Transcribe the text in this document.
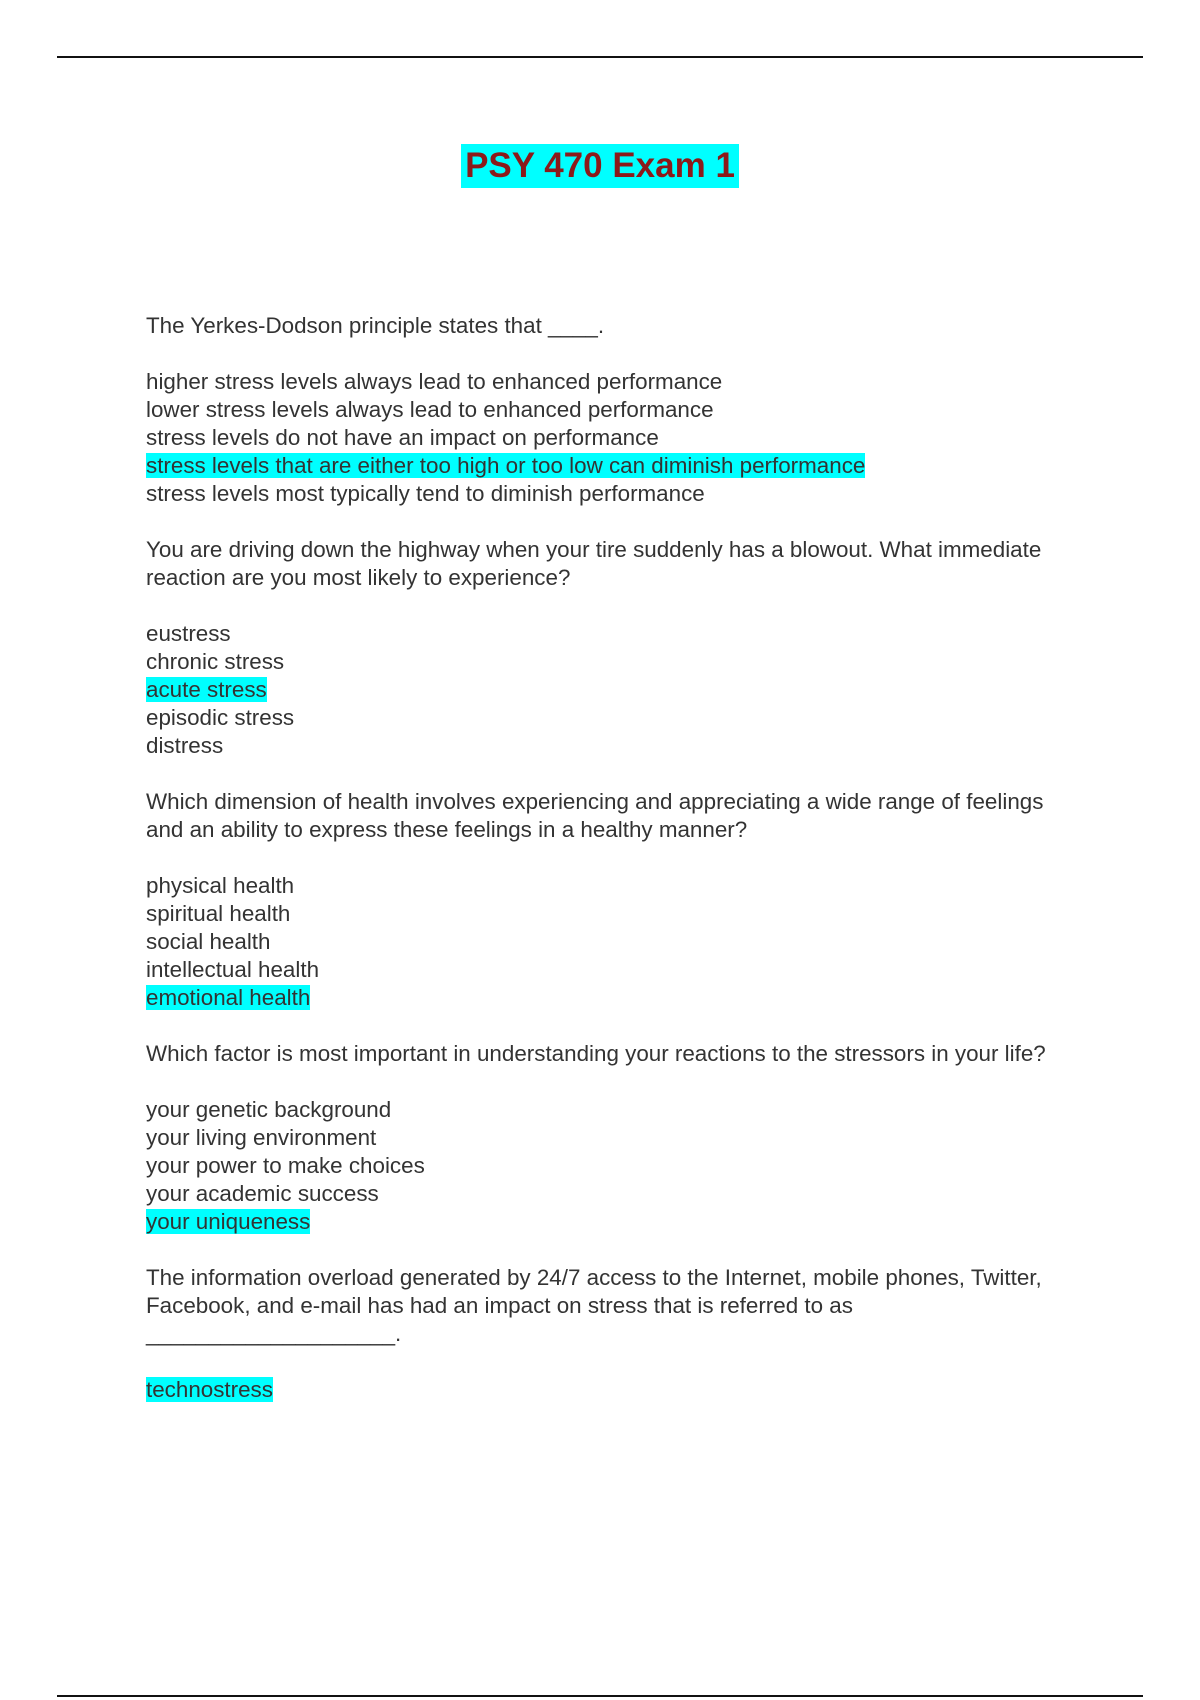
PSY 470 Exam 1

The Yerkes-Dodson principle states that ____.

higher stress levels always lead to enhanced performance
lower stress levels always lead to enhanced performance
stress levels do not have an impact on performance
stress levels that are either too high or too low can diminish performance
stress levels most typically tend to diminish performance

You are driving down the highway when your tire suddenly has a blowout. What immediate reaction are you most likely to experience?

eustress
chronic stress
acute stress
episodic stress
distress

Which dimension of health involves experiencing and appreciating a wide range of feelings and an ability to express these feelings in a healthy manner?

physical health
spiritual health
social health
intellectual health
emotional health

Which factor is most important in understanding your reactions to the stressors in your life?

your genetic background
your living environment
your power to make choices
your academic success
your uniqueness

The information overload generated by 24/7 access to the Internet, mobile phones, Twitter, Facebook, and e-mail has had an impact on stress that is referred to as ____________________.

technostress
